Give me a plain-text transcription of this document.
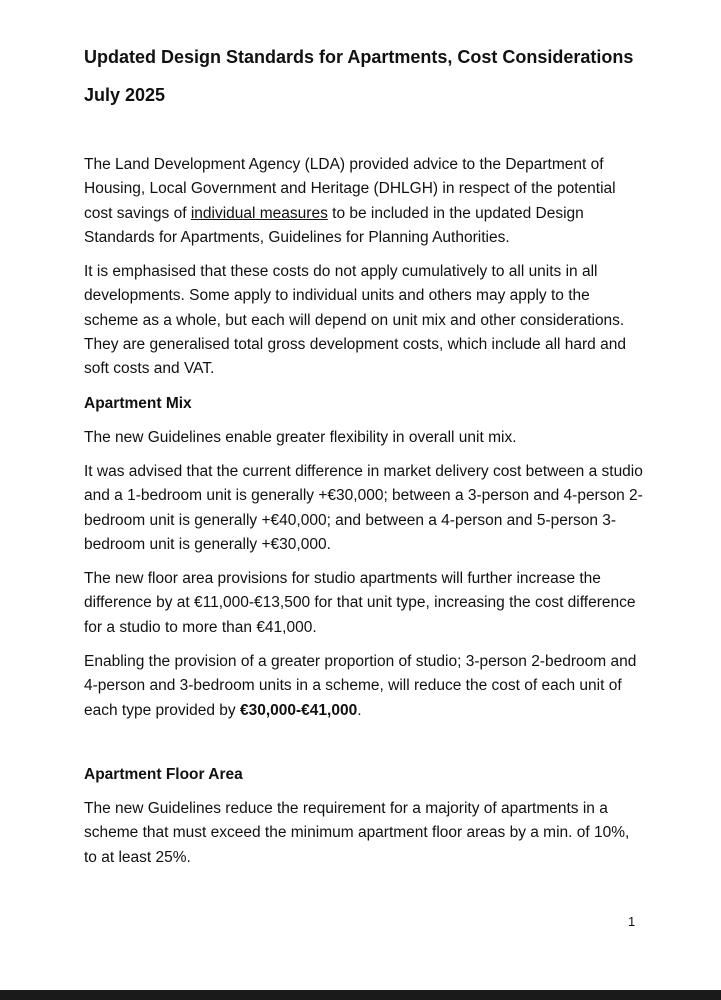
Updated Design Standards for Apartments, Cost Considerations
July 2025

The Land Development Agency (LDA) provided advice to the Department of Housing, Local Government and Heritage (DHLGH) in respect of the potential cost savings of individual measures to be included in the updated Design Standards for Apartments, Guidelines for Planning Authorities.

It is emphasised that these costs do not apply cumulatively to all units in all developments. Some apply to individual units and others may apply to the scheme as a whole, but each will depend on unit mix and other considerations. They are generalised total gross development costs, which include all hard and soft costs and VAT.

Apartment Mix

The new Guidelines enable greater flexibility in overall unit mix.

It was advised that the current difference in market delivery cost between a studio and a 1-bedroom unit is generally +€30,000; between a 3-person and 4-person 2-bedroom unit is generally +€40,000; and between a 4-person and 5-person 3-bedroom unit is generally +€30,000.

The new floor area provisions for studio apartments will further increase the difference by at €11,000-€13,500 for that unit type, increasing the cost difference for a studio to more than €41,000.

Enabling the provision of a greater proportion of studio; 3-person 2-bedroom and 4-person and 3-bedroom units in a scheme, will reduce the cost of each unit of each type provided by €30,000-€41,000.

Apartment Floor Area

The new Guidelines reduce the requirement for a majority of apartments in a scheme that must exceed the minimum apartment floor areas by a min. of 10%, to at least 25%.

1
